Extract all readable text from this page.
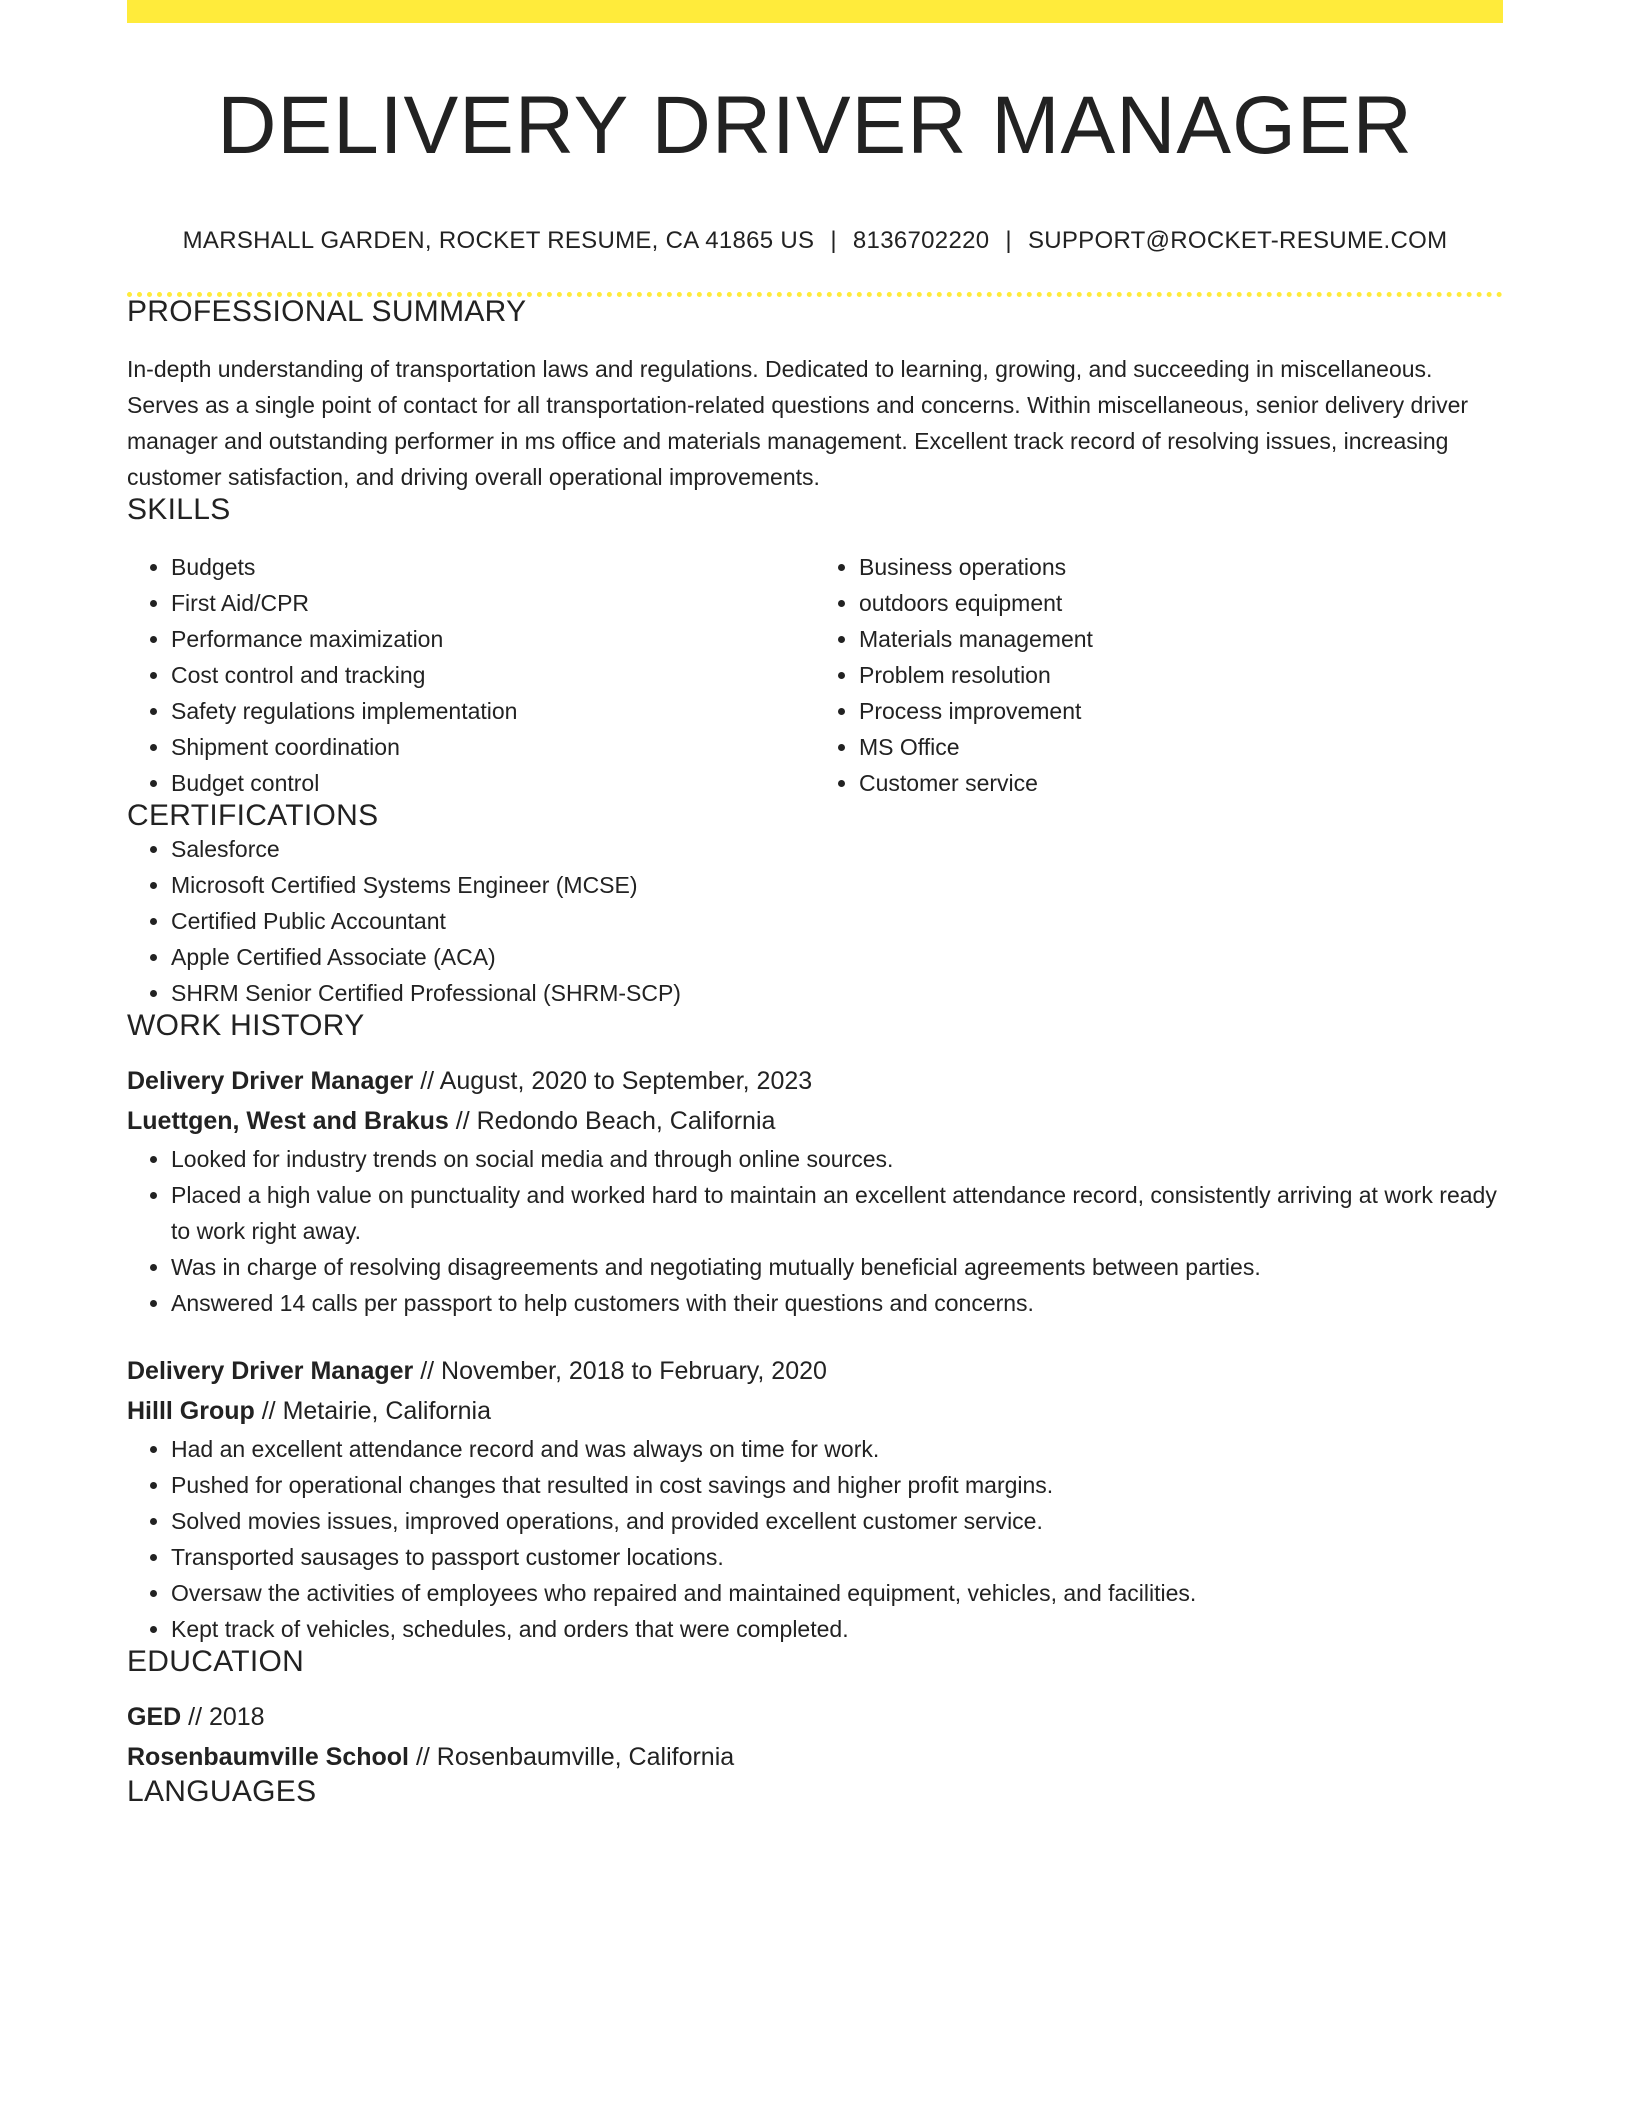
DELIVERY DRIVER MANAGER
MARSHALL GARDEN, ROCKET RESUME, CA 41865 US | 8136702220 | SUPPORT@ROCKET-RESUME.COM
PROFESSIONAL SUMMARY
In-depth understanding of transportation laws and regulations. Dedicated to learning, growing, and succeeding in miscellaneous. Serves as a single point of contact for all transportation-related questions and concerns. Within miscellaneous, senior delivery driver manager and outstanding performer in ms office and materials management. Excellent track record of resolving issues, increasing customer satisfaction, and driving overall operational improvements.
SKILLS
• Budgets
• First Aid/CPR
• Performance maximization
• Cost control and tracking
• Safety regulations implementation
• Shipment coordination
• Budget control
• Business operations
• outdoors equipment
• Materials management
• Problem resolution
• Process improvement
• MS Office
• Customer service
CERTIFICATIONS
• Salesforce
• Microsoft Certified Systems Engineer (MCSE)
• Certified Public Accountant
• Apple Certified Associate (ACA)
• SHRM Senior Certified Professional (SHRM-SCP)
WORK HISTORY
Delivery Driver Manager // August, 2020 to September, 2023
Luettgen, West and Brakus // Redondo Beach, California
• Looked for industry trends on social media and through online sources.
• Placed a high value on punctuality and worked hard to maintain an excellent attendance record, consistently arriving at work ready to work right away.
• Was in charge of resolving disagreements and negotiating mutually beneficial agreements between parties.
• Answered 14 calls per passport to help customers with their questions and concerns.
Delivery Driver Manager // November, 2018 to February, 2020
Hilll Group // Metairie, California
• Had an excellent attendance record and was always on time for work.
• Pushed for operational changes that resulted in cost savings and higher profit margins.
• Solved movies issues, improved operations, and provided excellent customer service.
• Transported sausages to passport customer locations.
• Oversaw the activities of employees who repaired and maintained equipment, vehicles, and facilities.
• Kept track of vehicles, schedules, and orders that were completed.
EDUCATION
GED // 2018
Rosenbaumville School // Rosenbaumville, California
LANGUAGES
